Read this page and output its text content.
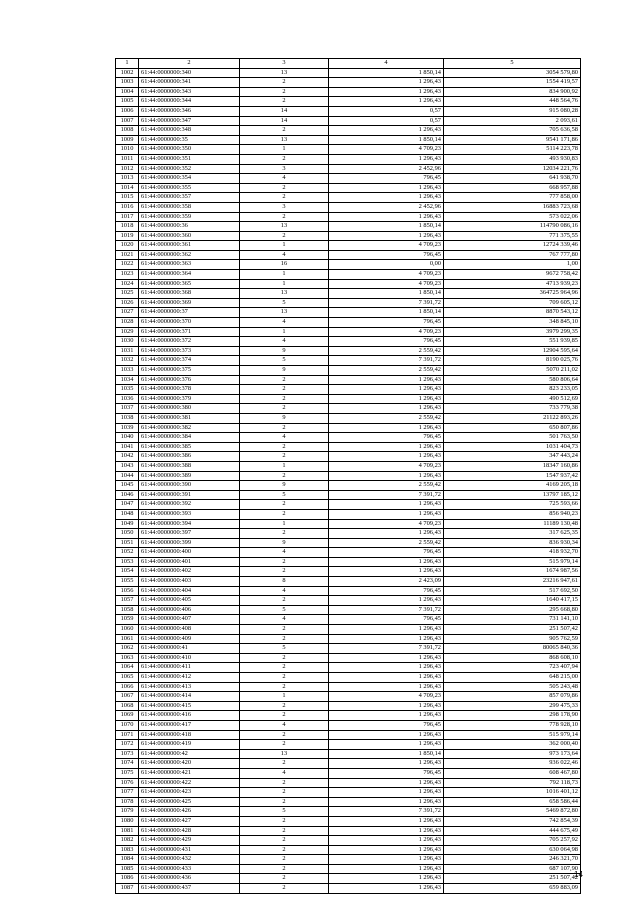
1	2	3	4	5
1002	61:44:0000000:340	13	1 850,14	3054 579,80
1003	61:44:0000000:341	2	1 296,43	1554 419,57
1004	61:44:0000000:343	2	1 296,43	834 900,92
1005	61:44:0000000:344	2	1 296,43	448 564,76
1006	61:44:0000000:346	14	0,57	915 080,28
1007	61:44:0000000:347	14	0,57	2 093,61
1008	61:44:0000000:348	2	1 296,43	705 636,58
1009	61:44:0000000:35	13	1 850,14	9541 171,86
1010	61:44:0000000:350	1	4 709,23	5114 223,78
1011	61:44:0000000:351	2	1 296,43	493 930,83
1012	61:44:0000000:352	3	2 452,96	12034 221,76
1013	61:44:0000000:354	4	796,45	641 938,70
1014	61:44:0000000:355	2	1 296,43	668 957,88
1015	61:44:0000000:357	2	1 296,43	777 858,00
1016	61:44:0000000:358	3	2 452,96	16883 723,68
1017	61:44:0000000:359	2	1 296,43	573 022,06
1018	61:44:0000000:36	13	1 850,14	114790 086,16
1019	61:44:0000000:360	2	1 296,43	771 375,55
1020	61:44:0000000:361	1	4 709,23	12724 339,46
1021	61:44:0000000:362	4	796,45	767 777,80
1022	61:44:0000000:363	16	0,00	1,00
1023	61:44:0000000:364	1	4 709,23	9672 758,42
1024	61:44:0000000:365	1	4 709,23	4713 939,23
1025	61:44:0000000:368	13	1 850,14	364725 964,96
1026	61:44:0000000:369	5	7 391,72	709 605,12
1027	61:44:0000000:37	13	1 850,14	8870 543,12
1028	61:44:0000000:370	4	796,45	348 845,10
1029	61:44:0000000:371	1	4 709,23	3979 299,35
1030	61:44:0000000:372	4	796,45	551 939,85
1031	61:44:0000000:373	9	2 559,42	12904 595,64
1032	61:44:0000000:374	5	7 391,72	8190 025,76
1033	61:44:0000000:375	9	2 559,42	5070 211,02
1034	61:44:0000000:376	2	1 296,43	580 806,64
1035	61:44:0000000:378	2	1 296,43	823 233,05
1036	61:44:0000000:379	2	1 296,43	490 512,69
1037	61:44:0000000:380	2	1 296,43	733 779,38
1038	61:44:0000000:381	9	2 559,42	21122 893,26
1039	61:44:0000000:382	2	1 296,43	650 807,86
1040	61:44:0000000:384	4	796,45	501 763,50
1041	61:44:0000000:385	2	1 296,43	1031 404,73
1042	61:44:0000000:386	2	1 296,43	347 443,24
1043	61:44:0000000:388	1	4 709,23	18347 160,86
1044	61:44:0000000:389	2	1 296,43	1547 937,42
1045	61:44:0000000:390	9	2 559,42	4169 205,18
1046	61:44:0000000:391	5	7 391,72	13797 185,12
1047	61:44:0000000:392	2	1 296,43	725 593,66
1048	61:44:0000000:393	2	1 296,43	856 940,23
1049	61:44:0000000:394	1	4 709,23	11189 130,48
1050	61:44:0000000:397	2	1 296,43	317 625,35
1051	61:44:0000000:399	9	2 559,42	836 930,34
1052	61:44:0000000:400	4	796,45	418 932,70
1053	61:44:0000000:401	2	1 296,43	515 979,14
1054	61:44:0000000:402	2	1 296,43	1674 987,56
1055	61:44:0000000:403	8	2 423,09	23216 947,61
1056	61:44:0000000:404	4	796,45	517 692,50
1057	61:44:0000000:405	2	1 296,43	1640 417,15
1058	61:44:0000000:406	5	7 391,72	295 668,80
1059	61:44:0000000:407	4	796,45	731 141,10
1060	61:44:0000000:408	2	1 296,43	251 507,42
1061	61:44:0000000:409	2	1 296,43	905 762,59
1062	61:44:0000000:41	5	7 391,72	80065 840,36
1063	61:44:0000000:410	2	1 296,43	868 608,10
1064	61:44:0000000:411	2	1 296,43	723 407,94
1065	61:44:0000000:412	2	1 296,43	648 215,00
1066	61:44:0000000:413	2	1 296,43	505 243,48
1067	61:44:0000000:414	1	4 709,23	857 079,86
1068	61:44:0000000:415	2	1 296,43	299 475,33
1069	61:44:0000000:416	2	1 296,43	298 178,90
1070	61:44:0000000:417	4	796,45	778 928,10
1071	61:44:0000000:418	2	1 296,43	515 979,14
1072	61:44:0000000:419	2	1 296,43	362 000,40
1073	61:44:0000000:42	13	1 850,14	973 173,64
1074	61:44:0000000:420	2	1 296,43	936 022,46
1075	61:44:0000000:421	4	796,45	608 467,80
1076	61:44:0000000:422	2	1 296,43	792 118,73
1077	61:44:0000000:423	2	1 296,43	1016 401,12
1078	61:44:0000000:425	2	1 296,43	658 586,44
1079	61:44:0000000:426	5	7 391,72	5469 872,80
1080	61:44:0000000:427	2	1 296,43	742 854,39
1081	61:44:0000000:428	2	1 296,43	444 675,49
1082	61:44:0000000:429	2	1 296,43	705 257,92
1083	61:44:0000000:431	2	1 296,43	630 064,98
1084	61:44:0000000:432	2	1 296,43	246 321,70
1085	61:44:0000000:433	2	1 296,43	687 107,90
1086	61:44:0000000:436	2	1 296,43	251 507,42
1087	61:44:0000000:437	2	1 296,43	659 883,09
14
